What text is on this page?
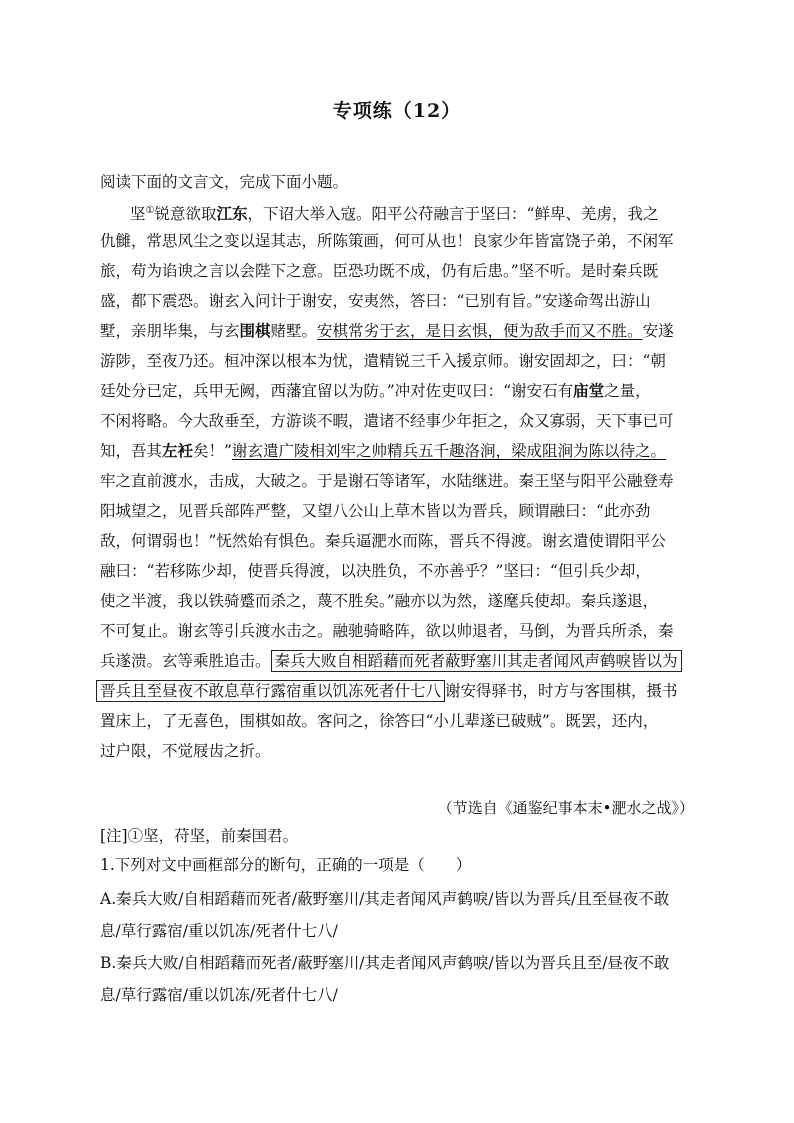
专项练（12）
阅读下面的文言文，完成下面小题。
坚①锐意欲取江东，下诏大举入寇。阳平公苻融言于坚曰：“鲜卑、羌虏，我之
仇雠，常思风尘之变以逞其志，所陈策画，何可从也！良家少年皆富饶子弟，不闲军
旅，苟为谄谀之言以会陛下之意。臣恐功既不成，仍有后患。”坚不听。是时秦兵既
盛，都下震恐。谢玄入问计于谢安，安夷然，答曰：“已别有旨。”安遂命驾出游山
墅，亲朋毕集，与玄围棋赌墅。安棋常劣于玄，是日玄惧，便为敌手而又不胜。安遂
游陟，至夜乃还。桓冲深以根本为忧，遣精锐三千入援京师。谢安固却之，曰：“朝
廷处分已定，兵甲无阙，西藩宜留以为防。”冲对佐吏叹曰：“谢安石有庙堂之量，
不闲将略。今大敌垂至，方游谈不暇，遣诸不经事少年拒之，众又寡弱，天下事已可
知，吾其左衽矣！”谢玄遣广陵相刘牢之帅精兵五千趣洛涧，梁成阻涧为陈以待之。
牢之直前渡水，击成，大破之。于是谢石等诸军，水陆继进。秦王坚与阳平公融登寿
阳城望之，见晋兵部阵严整，又望八公山上草木皆以为晋兵，顾谓融曰：“此亦劲
敌，何谓弱也！”怃然始有惧色。秦兵逼淝水而陈，晋兵不得渡。谢玄遣使谓阳平公
融曰：“若移陈少却，使晋兵得渡，以决胜负，不亦善乎？”坚曰：“但引兵少却，
使之半渡，我以铁骑蹙而杀之，蔑不胜矣。”融亦以为然，遂麾兵使却。秦兵遂退，
不可复止。谢玄等引兵渡水击之。融驰骑略阵，欲以帅退者，马倒，为晋兵所杀，秦
兵遂溃。玄等乘胜追击。 秦兵大败自相蹈藉而死者蔽野塞川其走者闻风声鹤唳皆以为
晋兵且至昼夜不敢息草行露宿重以饥冻死者什七八 谢安得驿书，时方与客围棋，摄书
置床上，了无喜色，围棋如故。客问之，徐答曰“小儿辈遂已破贼”。既罢，还内，
过户限，不觉屐齿之折。
（节选自《通鉴纪事本末•淝水之战》）
[注]①坚，苻坚，前秦国君。
1.下列对文中画框部分的断句，正确的一项是（　　）
A.秦兵大败/自相蹈藉而死者/蔽野塞川/其走者闻风声鹤唳/皆以为晋兵/且至昼夜不敢
息/草行露宿/重以饥冻/死者什七八/
B.秦兵大败/自相蹈藉而死者/蔽野塞川/其走者闻风声鹤唳/皆以为晋兵且至/昼夜不敢
息/草行露宿/重以饥冻/死者什七八/
